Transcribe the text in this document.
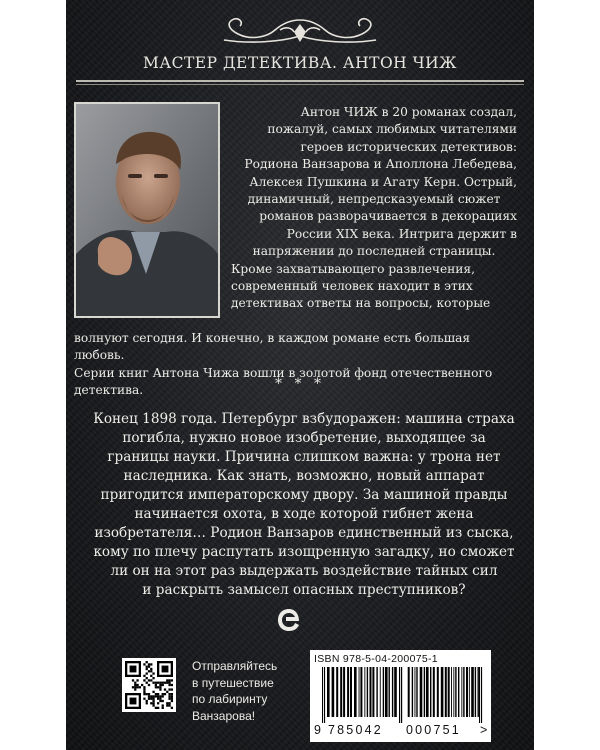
МАСТЕР ДЕТЕКТИВА. АНТОН ЧИЖ
Антон ЧИЖ в 20 романах создал,
пожалуй, самых любимых читателями
героев исторических детективов:
Родиона Ванзарова и Аполлона Лебедева,
Алексея Пушкина и Агату Керн. Острый,
динамичный, непредсказуемый сюжет
романов разворачивается в декорациях
России XIX века. Интрига держит в
напряжении до последней страницы.
Кроме захватывающего развлечения,
современный человек находит в этих
детективах ответы на вопросы, которые
волнуют сегодня. И конечно, в каждом романе есть большая любовь.
Серии книг Антона Чижа вошли в золотой фонд отечественного
детектива.	* * *
Конец 1898 года. Петербург взбудоражен: машина страха
погибла, нужно новое изобретение, выходящее за
границы науки. Причина слишком важна: у трона нет
наследника. Как знать, возможно, новый аппарат
пригодится императорскому двору. За машиной правды
начинается охота, в ходе которой гибнет жена
изобретателя… Родион Ванзаров единственный из сыска,
кому по плечу распутать изощренную загадку, но сможет
ли он на этот раз выдержать воздействие тайных сил
и раскрыть замысел опасных преступников?
Отправляйтесь
в путешествие
по лабиринту
Ванзарова!
ISBN 978-5-04-200075-1
9 785042 000751 >
